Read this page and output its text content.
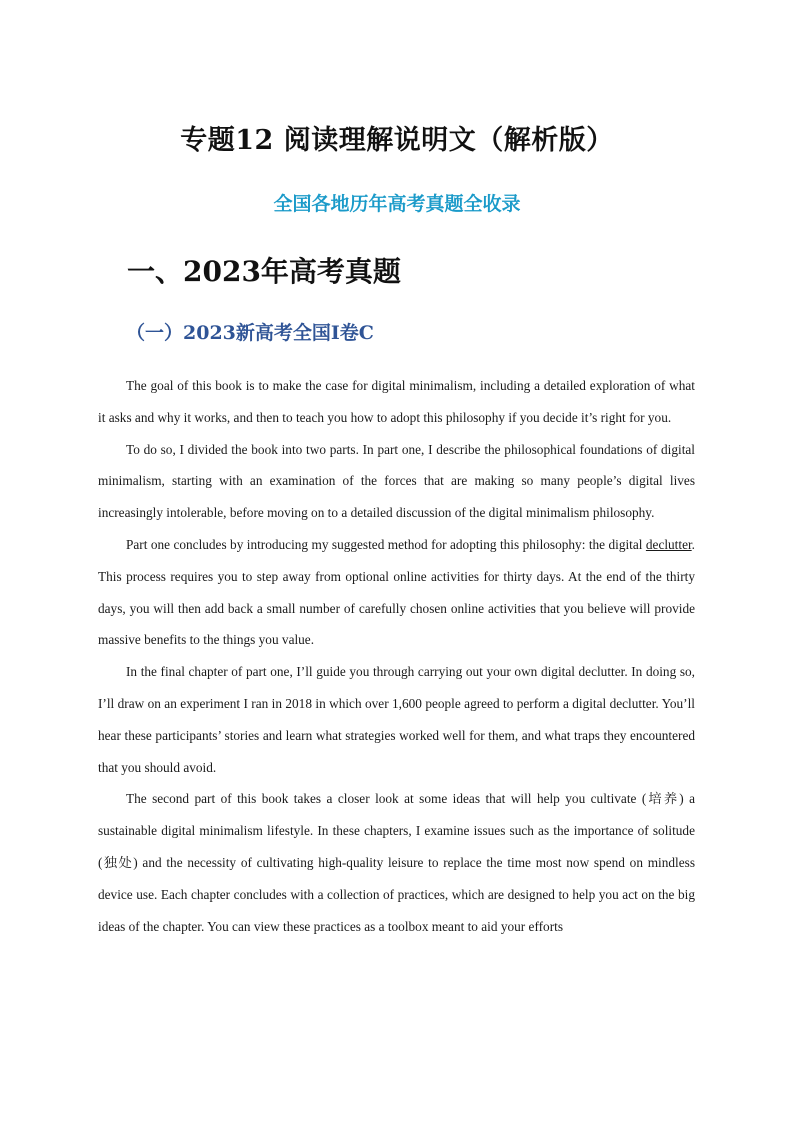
专题12 阅读理解说明文（解析版）
全国各地历年高考真题全收录
一、2023年高考真题
（一）2023新高考全国Ⅰ卷C

The goal of this book is to make the case for digital minimalism, including a detailed exploration of what it asks and why it works, and then to teach you how to adopt this philosophy if you decide it’s right for you.

To do so, I divided the book into two parts. In part one, I describe the philosophical foundations of digital minimalism, starting with an examination of the forces that are making so many people’s digital lives increasingly intolerable, before moving on to a detailed discussion of the digital minimalism philosophy.

Part one concludes by introducing my suggested method for adopting this philosophy: the digital declutter. This process requires you to step away from optional online activities for thirty days. At the end of the thirty days, you will then add back a small number of carefully chosen online activities that you believe will provide massive benefits to the things you value.

In the final chapter of part one, I’ll guide you through carrying out your own digital declutter. In doing so, I’ll draw on an experiment I ran in 2018 in which over 1,600 people agreed to perform a digital declutter. You’ll hear these participants’ stories and learn what strategies worked well for them, and what traps they encountered that you should avoid.

The second part of this book takes a closer look at some ideas that will help you cultivate (培养) a sustainable digital minimalism lifestyle. In these chapters, I examine issues such as the importance of solitude (独处) and the necessity of cultivating high-quality leisure to replace the time most now spend on mindless device use. Each chapter concludes with a collection of practices, which are designed to help you act on the big ideas of the chapter. You can view these practices as a toolbox meant to aid your efforts
